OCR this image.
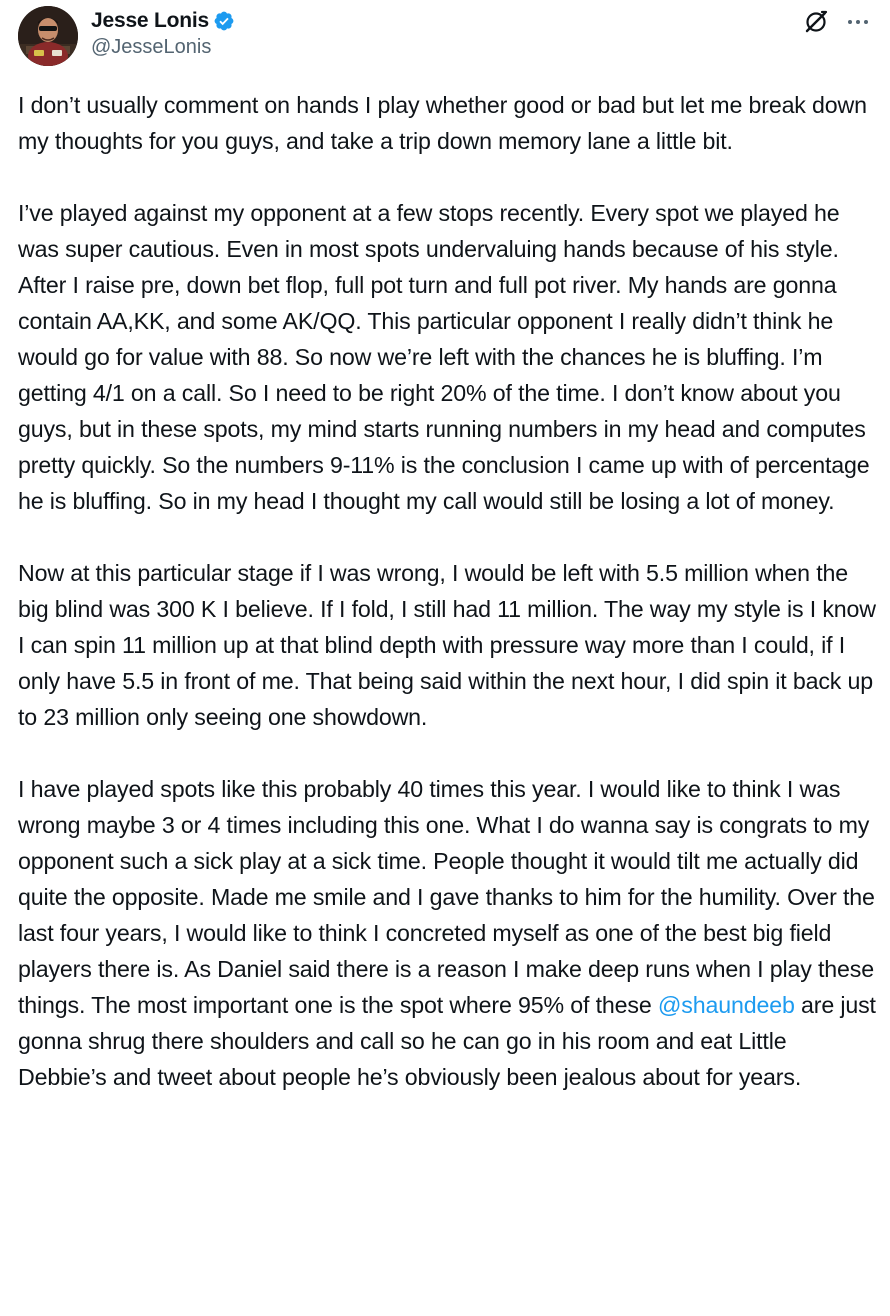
Jesse Lonis
@JesseLonis

I don’t usually comment on hands I play whether good or bad but let me break down my thoughts for you guys, and take a trip down memory lane a little bit.

I’ve played against my opponent at a few stops recently. Every spot we played he was super cautious. Even in most spots undervaluing hands because of his style. After I raise pre, down bet flop, full pot turn and full pot river. My hands are gonna contain AA,KK, and some AK/QQ. This particular opponent I really didn’t think he would go for value with 88. So now we’re left with the chances he is bluffing. I’m getting 4/1 on a call. So I need to be right 20% of the time. I don’t know about you guys, but in these spots, my mind starts running numbers in my head and computes pretty quickly. So the numbers 9-11% is the conclusion I came up with of percentage he is bluffing. So in my head I thought my call would still be losing a lot of money.

Now at this particular stage if I was wrong, I would be left with 5.5 million when the big blind was 300 K I believe. If I fold, I still had 11 million. The way my style is I know I can spin 11 million up at that blind depth with pressure way more than I could, if I only have 5.5 in front of me. That being said within the next hour, I did spin it back up to 23 million only seeing one showdown.

I have played spots like this probably 40 times this year. I would like to think I was wrong maybe 3 or 4 times including this one. What I do wanna say is congrats to my opponent such a sick play at a sick time. People thought it would tilt me actually did quite the opposite. Made me smile and I gave thanks to him for the humility. Over the last four years, I would like to think I concreted myself as one of the best big field players there is. As Daniel said there is a reason I make deep runs when I play these things. The most important one is the spot where 95% of these @shaundeeb are just gonna shrug there shoulders and call so he can go in his room and eat Little Debbie’s and tweet about people he’s obviously been jealous about for years.
